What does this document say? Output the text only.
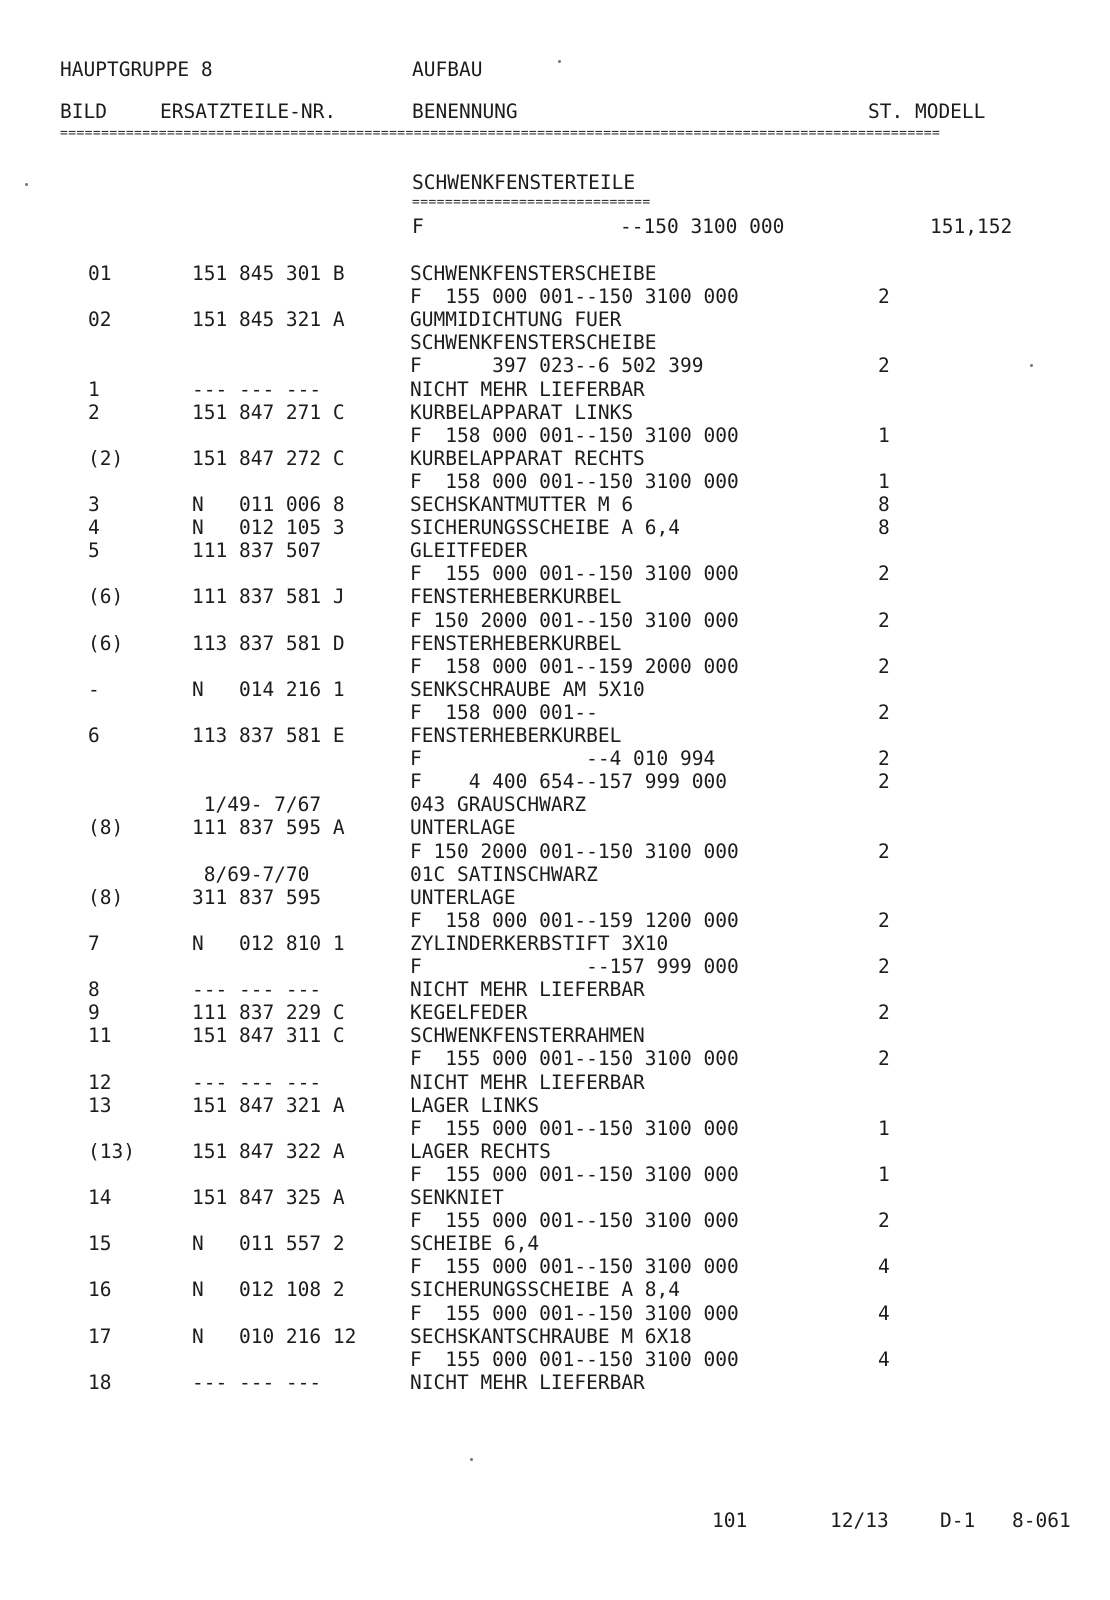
HAUPTGRUPPE 8	AUFBAU
BILD	ERSATZTEILE-NR.	BENENNUNG	ST. MODELL
===========================================================================================================
SCHWENKFENSTERTEILE
=============================
F	--150 3100 000	151,152
01	151 845 301 B	SCHWENKFENSTERSCHEIBE
F  155 000 001--150 3100 000	2
02	151 845 321 A	GUMMIDICHTUNG FUER
SCHWENKFENSTERSCHEIBE
F      397 023--6 502 399	2
1	--- --- ---	NICHT MEHR LIEFERBAR
2	151 847 271 C	KURBELAPPARAT LINKS
F  158 000 001--150 3100 000	1
(2)	151 847 272 C	KURBELAPPARAT RECHTS
F  158 000 001--150 3100 000	1
3	N   011 006 8	SECHSKANTMUTTER M 6	8
4	N   012 105 3	SICHERUNGSSCHEIBE A 6,4	8
5	111 837 507	GLEITFEDER
F  155 000 001--150 3100 000	2
(6)	111 837 581 J	FENSTERHEBERKURBEL
F 150 2000 001--150 3100 000	2
(6)	113 837 581 D	FENSTERHEBERKURBEL
F  158 000 001--159 2000 000	2
-	N   014 216 1	SENKSCHRAUBE AM 5X10
F  158 000 001--	2
6	113 837 581 E	FENSTERHEBERKURBEL
F              --4 010 994	2
F    4 400 654--157 999 000	2
1/49- 7/67	043 GRAUSCHWARZ
(8)	111 837 595 A	UNTERLAGE
F 150 2000 001--150 3100 000	2
8/69-7/70	01C SATINSCHWARZ
(8)	311 837 595	UNTERLAGE
F  158 000 001--159 1200 000	2
7	N   012 810 1	ZYLINDERKERBSTIFT 3X10
F              --157 999 000	2
8	--- --- ---	NICHT MEHR LIEFERBAR
9	111 837 229 C	KEGELFEDER	2
11	151 847 311 C	SCHWENKFENSTERRAHMEN
F  155 000 001--150 3100 000	2
12	--- --- ---	NICHT MEHR LIEFERBAR
13	151 847 321 A	LAGER LINKS
F  155 000 001--150 3100 000	1
(13)	151 847 322 A	LAGER RECHTS
F  155 000 001--150 3100 000	1
14	151 847 325 A	SENKNIET
F  155 000 001--150 3100 000	2
15	N   011 557 2	SCHEIBE 6,4
F  155 000 001--150 3100 000	4
16	N   012 108 2	SICHERUNGSSCHEIBE A 8,4
F  155 000 001--150 3100 000	4
17	N   010 216 12	SECHSKANTSCHRAUBE M 6X18
F  155 000 001--150 3100 000	4
18	--- --- ---	NICHT MEHR LIEFERBAR
101	12/13	D-1 8-061
